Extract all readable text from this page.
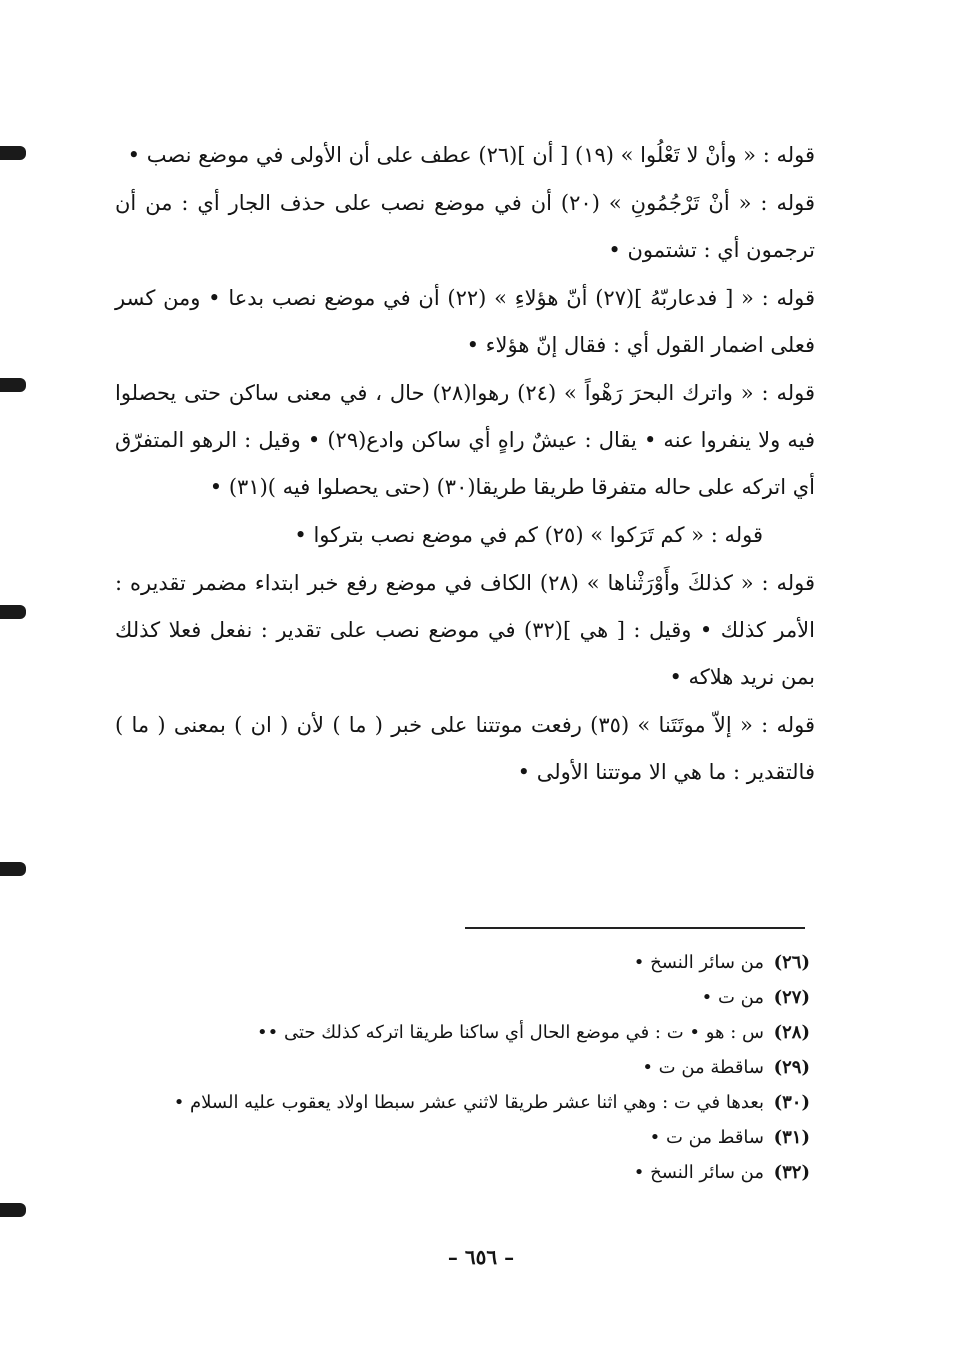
قوله : « وأنْ لا تَعْلُوا » (١٩) [ أن ](٢٦) عطف على أن الأولى في موضع نصب •

قوله : « أنْ تَرْجُمُونِ » (٢٠) أن في موضع نصب على حذف الجار أي : من أن ترجمون أي : تشتمون •

قوله : « [ فدعاربّهُ ](٢٧) أنّ هؤلاءِ » (٢٢) أن في موضع نصب بدعا • ومن كسر فعلى اضمار القول أي : فقال إنّ هؤلاء •

قوله : « واترك البحرَ رَهْواً » (٢٤) رهوا(٢٨) حال ، في معنى ساكن حتى يحصلوا فيه ولا ينفروا عنه • يقال : عيشٌ راهٍ أي ساكن وادع(٢٩) • وقيل : الرهو المتفرّق أي اتركه على حاله متفرقا طريقا طريقا(٣٠) (حتى يحصلوا فيه )(٣١) •

قوله : « كم تَرَكوا » (٢٥) كم في موضع نصب بتركوا •

قوله : « كذلكَ وأَوْرَثْناها » (٢٨) الكاف في موضع رفع خبر ابتداء مضمر تقديره : الأمر كذلك • وقيل : [ هي ](٣٢) في موضع نصب على تقدير : نفعل فعلا كذلك بمن نريد هلاكه •

قوله : « إلاّ موتَتَنا » (٣٥) رفعت موتتنا على خبر ( ما ) لأن ( ان ) بمعنى ( ما ) فالتقدير : ما هي الا موتتنا الأولى •

(٢٦)
من سائر النسخ •
(٢٧)
من ت •
(٢٨)
س : هو • ت : في موضع الحال أي ساكنا طريقا اتركه كذلك حتى ••
(٢٩)
ساقطة من ت •
(٣٠)
بعدها في ت : وهي اثنا عشر طريقا لاثني عشر سبطا اولاد يعقوب عليه السلام •
(٣١)
ساقط من ت •
(٣٢)
من سائر النسخ •
– ٦٥٦ –
